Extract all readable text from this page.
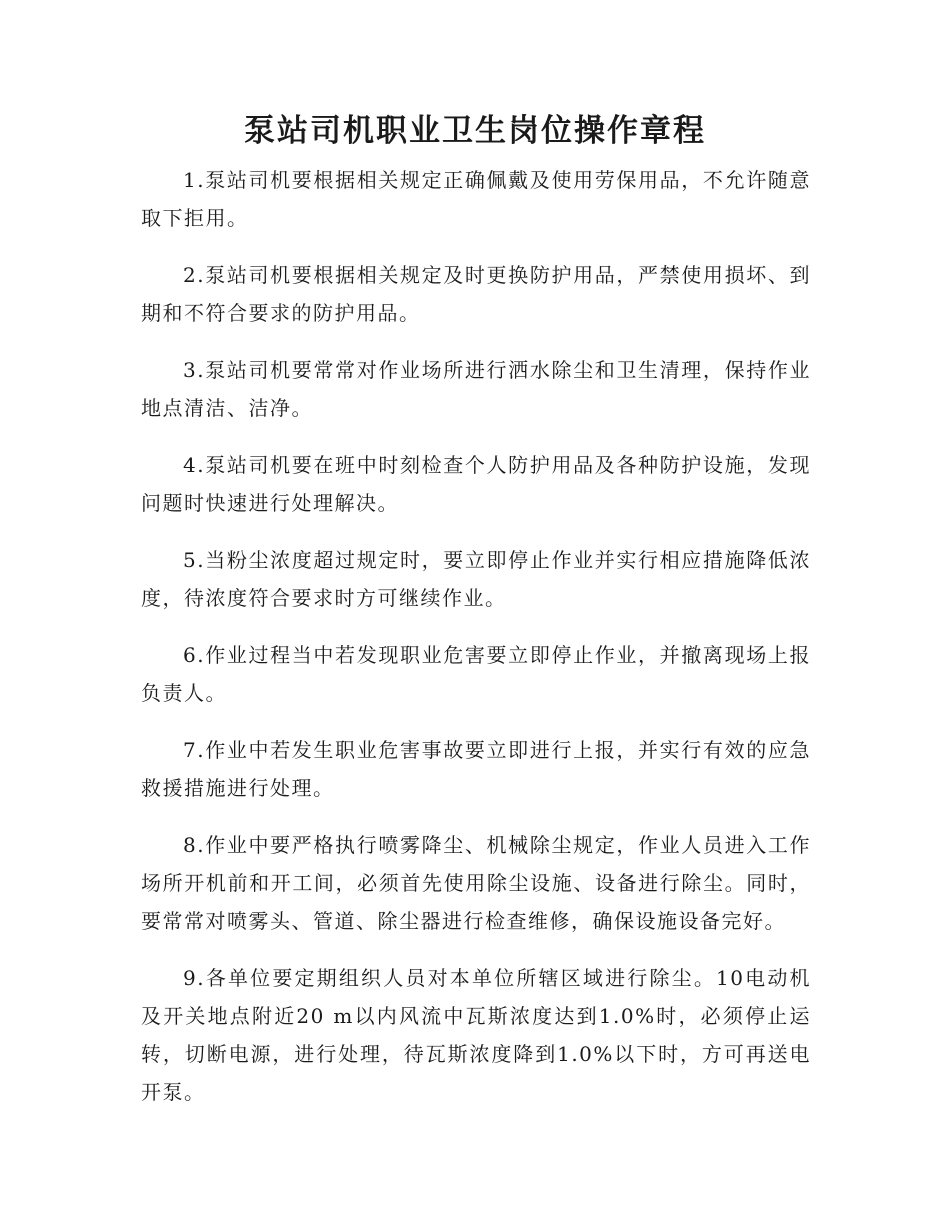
泵站司机职业卫生岗位操作章程

1.泵站司机要根据相关规定正确佩戴及使用劳保用品，不允许随意取下拒用。

2.泵站司机要根据相关规定及时更换防护用品，严禁使用损坏、到期和不符合要求的防护用品。

3.泵站司机要常常对作业场所进行洒水除尘和卫生清理，保持作业地点清洁、洁净。

4.泵站司机要在班中时刻检查个人防护用品及各种防护设施，发现问题时快速进行处理解决。

5.当粉尘浓度超过规定时，要立即停止作业并实行相应措施降低浓度，待浓度符合要求时方可继续作业。

6.作业过程当中若发现职业危害要立即停止作业，并撤离现场上报负责人。

7.作业中若发生职业危害事故要立即进行上报，并实行有效的应急救援措施进行处理。

8.作业中要严格执行喷雾降尘、机械除尘规定，作业人员进入工作场所开机前和开工间，必须首先使用除尘设施、设备进行除尘。同时，要常常对喷雾头、管道、除尘器进行检查维修，确保设施设备完好。

9.各单位要定期组织人员对本单位所辖区域进行除尘。10电动机及开关地点附近20 m以内风流中瓦斯浓度达到1.0%时，必须停止运转，切断电源，进行处理，待瓦斯浓度降到1.0%以下时，方可再送电开泵。
